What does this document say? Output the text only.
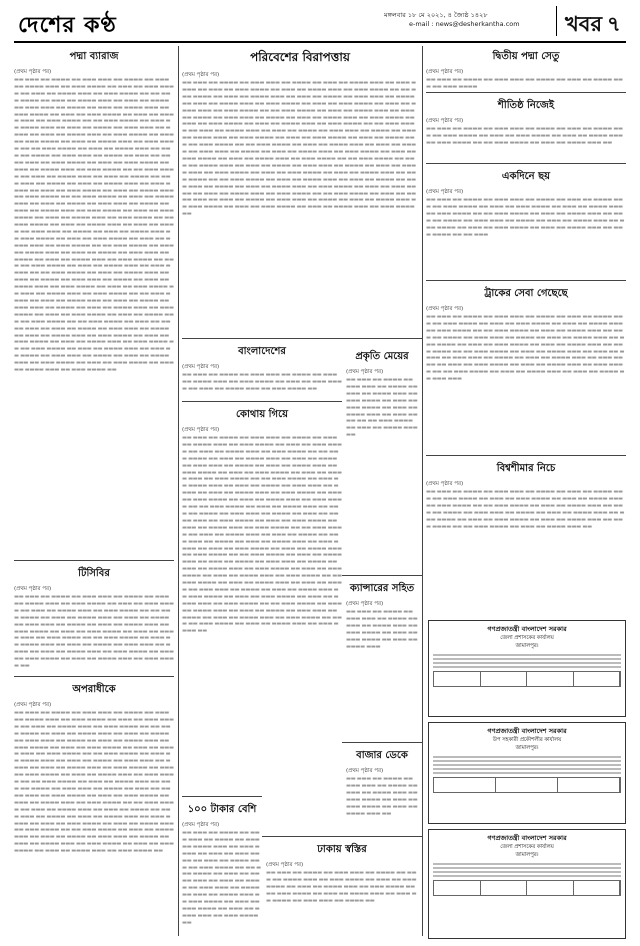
দেশের কণ্ঠ	মঙ্গলবার ১৮ মে ২০২১, ৪ জ্যৈষ্ঠ ১৪২৮
e-mail : news@desherkantha.com খবর ৭
পদ্মা ব্যারাজ
(প্রথম পৃষ্ঠার পর)
▬▬ ▬▬▬ ▬▬ ▬▬▬▬ ▬▬ ▬▬▬ ▬▬▬ ▬▬ ▬▬▬▬ ▬▬ ▬▬▬ ▬▬ ▬▬▬▬ ▬▬▬ ▬▬ ▬▬▬ ▬▬▬▬ ▬▬ ▬▬▬ ▬▬ ▬▬▬ ▬▬▬▬ ▬▬ ▬▬▬ ▬▬ ▬▬▬▬ ▬▬▬ ▬▬ ▬▬▬ ▬▬▬▬ ▬▬ ▬▬ ▬▬▬ ▬▬▬▬ ▬▬ ▬▬▬ ▬▬ ▬▬▬▬ ▬▬▬ ▬▬ ▬▬▬ ▬▬ ▬▬▬▬ ▬▬ ▬▬▬ ▬▬▬ ▬▬ ▬▬▬▬ ▬▬ ▬▬▬ ▬▬ ▬▬▬▬ ▬▬▬ ▬▬ ▬▬▬ ▬▬▬▬ ▬▬ ▬▬▬ ▬▬ ▬▬▬ ▬▬▬▬ ▬▬ ▬▬▬ ▬▬ ▬▬▬▬ ▬▬▬ ▬▬ ▬▬▬ ▬▬▬▬ ▬▬ ▬▬ ▬▬▬ ▬▬▬▬ ▬▬ ▬▬▬ ▬▬ ▬▬▬▬ ▬▬▬ ▬▬ ▬▬▬ ▬▬ ▬▬▬▬ ▬▬ ▬▬▬ ▬▬▬ ▬▬ ▬▬▬▬ ▬▬ ▬▬▬ ▬▬ ▬▬▬▬ ▬▬▬ ▬▬ ▬▬▬ ▬▬▬▬ ▬▬ ▬▬▬ ▬▬ ▬▬▬ ▬▬▬▬ ▬▬ ▬▬▬ ▬▬ ▬▬▬▬ ▬▬▬ ▬▬ ▬▬▬ ▬▬▬▬ ▬▬ ▬▬ ▬▬▬ ▬▬▬▬ ▬▬ ▬▬▬ ▬▬ ▬▬▬▬ ▬▬▬ ▬▬ ▬▬▬ ▬▬ ▬▬▬▬ ▬▬ ▬▬▬ ▬▬▬ ▬▬ ▬▬▬▬ ▬▬ ▬▬▬ ▬▬ ▬▬▬▬ ▬▬▬ ▬▬ ▬▬▬ ▬▬▬▬ ▬▬ ▬▬▬ ▬▬ ▬▬▬ ▬▬▬▬ ▬▬ ▬▬▬ ▬▬ ▬▬▬▬ ▬▬▬ ▬▬ ▬▬▬ ▬▬▬▬ ▬▬ ▬▬ ▬▬▬ ▬▬▬▬ ▬▬ ▬▬▬ ▬▬ ▬▬▬▬ ▬▬▬ ▬▬ ▬▬▬ ▬▬ ▬▬▬▬ ▬▬ ▬▬▬ ▬▬▬ ▬▬ ▬▬▬▬ ▬▬ ▬▬▬ ▬▬ ▬▬▬▬ ▬▬▬ ▬▬ ▬▬▬ ▬▬▬▬ ▬▬ ▬▬▬ ▬▬ ▬▬▬ ▬▬▬▬ ▬▬ ▬▬▬ ▬▬ ▬▬▬▬ ▬▬▬ ▬▬ ▬▬▬ ▬▬▬▬ ▬▬ ▬▬ ▬▬▬ ▬▬▬▬ ▬▬ ▬▬▬ ▬▬ ▬▬▬▬ ▬▬▬ ▬▬ ▬▬▬ ▬▬ ▬▬▬▬ ▬▬ ▬▬▬ ▬▬▬ ▬▬ ▬▬▬▬ ▬▬ ▬▬▬ ▬▬ ▬▬▬▬ ▬▬▬ ▬▬ ▬▬▬ ▬▬▬▬ ▬▬ ▬▬▬ ▬▬ ▬▬▬ ▬▬▬▬ ▬▬ ▬▬▬ ▬▬ ▬▬▬▬ ▬▬▬ ▬▬ ▬▬▬ ▬▬▬▬ ▬▬ ▬▬ ▬▬▬ ▬▬▬▬ ▬▬ ▬▬▬ ▬▬ ▬▬▬▬ ▬▬▬ ▬▬ ▬▬▬ ▬▬ ▬▬▬▬ ▬▬ ▬▬▬ ▬▬▬ ▬▬ ▬▬▬▬ ▬▬ ▬▬▬ ▬▬ ▬▬▬▬ ▬▬▬ ▬▬ ▬▬▬ ▬▬▬▬ ▬▬ ▬▬▬ ▬▬ ▬▬▬ ▬▬▬▬ ▬▬ ▬▬▬ ▬▬ ▬▬▬▬ ▬▬▬ ▬▬ ▬▬▬ ▬▬▬▬ ▬▬ ▬▬ ▬▬▬ ▬▬▬▬ ▬▬ ▬▬▬ ▬▬ ▬▬▬▬ ▬▬▬ ▬▬ ▬▬▬ ▬▬ ▬▬▬▬ ▬▬ ▬▬▬ ▬▬▬ ▬▬ ▬▬▬▬ ▬▬ ▬▬▬ ▬▬ ▬▬▬▬ ▬▬▬ ▬▬ ▬▬▬ ▬▬▬▬ ▬▬ ▬▬▬ ▬▬ ▬▬▬ ▬▬▬▬ ▬▬ ▬▬▬ ▬▬ ▬▬▬▬ ▬▬▬ ▬▬ ▬▬▬ ▬▬▬▬ ▬▬ ▬▬ ▬▬▬ ▬▬▬▬ ▬▬ ▬▬▬ ▬▬ ▬▬▬▬ ▬▬▬ ▬▬ ▬▬▬ ▬▬ ▬▬▬▬ ▬▬ ▬▬▬ ▬▬▬ ▬▬ ▬▬▬▬ ▬▬ ▬▬▬ ▬▬ ▬▬▬▬ ▬▬▬ ▬▬ ▬▬▬ ▬▬▬▬ ▬▬ ▬▬▬ ▬▬ ▬▬▬ ▬▬▬▬ ▬▬ ▬▬▬ ▬▬ ▬▬▬▬ ▬▬▬ ▬▬ ▬▬▬ ▬▬▬▬ ▬▬ ▬▬ ▬▬▬ ▬▬▬▬ ▬▬ ▬▬▬ ▬▬ ▬▬▬▬ ▬▬▬ ▬▬ ▬▬▬ ▬▬ ▬▬▬▬ ▬▬ ▬▬▬ ▬▬▬ ▬▬ ▬▬▬▬ ▬▬ ▬▬▬ ▬▬ ▬▬▬▬ ▬▬▬ ▬▬ ▬▬▬ ▬▬▬▬ ▬▬ ▬▬▬ ▬▬ ▬▬▬ ▬▬▬▬ ▬▬ ▬▬▬ ▬▬ ▬▬▬▬ ▬▬▬ ▬▬ ▬▬▬ ▬▬▬▬ ▬▬ ▬▬ ▬▬▬ ▬▬▬▬ ▬▬ ▬▬▬ ▬▬ ▬▬▬▬ ▬▬▬ ▬▬ ▬▬▬ ▬▬ ▬▬▬▬ ▬▬ ▬▬▬ ▬▬▬ ▬▬ ▬▬▬▬ ▬▬ ▬▬▬ ▬▬ ▬▬▬▬ ▬▬▬ ▬▬ ▬▬▬ ▬▬▬▬ ▬▬ ▬▬▬ ▬▬ ▬▬▬ ▬▬▬▬ ▬▬ ▬▬▬ ▬▬ ▬▬▬▬ ▬▬▬ ▬▬ ▬▬▬ ▬▬▬▬ ▬▬ ▬▬ ▬▬▬ ▬▬▬▬ ▬▬ ▬▬▬ ▬▬ ▬▬▬▬ ▬▬▬ ▬▬ ▬▬▬ ▬▬ ▬▬▬▬ ▬▬ ▬▬▬ ▬▬▬ ▬▬ ▬▬▬▬ ▬▬ ▬▬▬ ▬▬ ▬▬▬▬ ▬▬▬ ▬▬ ▬▬▬ ▬▬▬▬ ▬▬ ▬▬▬ ▬▬ ▬▬▬ ▬▬▬▬ ▬▬ ▬▬▬ ▬▬ ▬▬▬▬ ▬▬▬ ▬▬ ▬▬▬ ▬▬▬▬ ▬▬
টিসিবির
(প্রথম পৃষ্ঠার পর)
▬▬ ▬▬▬ ▬▬ ▬▬▬▬ ▬▬ ▬▬▬ ▬▬▬ ▬▬ ▬▬▬▬ ▬▬ ▬▬▬ ▬▬ ▬▬▬▬ ▬▬▬ ▬▬ ▬▬▬ ▬▬▬▬ ▬▬ ▬▬▬ ▬▬ ▬▬▬ ▬▬▬▬ ▬▬ ▬▬▬ ▬▬ ▬▬▬▬ ▬▬▬ ▬▬ ▬▬▬ ▬▬▬▬ ▬▬ ▬▬ ▬▬▬ ▬▬▬▬ ▬▬ ▬▬▬ ▬▬ ▬▬▬▬ ▬▬▬ ▬▬ ▬▬▬ ▬▬ ▬▬▬▬ ▬▬ ▬▬▬ ▬▬▬ ▬▬ ▬▬▬▬ ▬▬ ▬▬▬ ▬▬ ▬▬▬▬ ▬▬▬ ▬▬ ▬▬▬ ▬▬▬▬ ▬▬ ▬▬▬ ▬▬ ▬▬▬ ▬▬▬▬ ▬▬ ▬▬▬ ▬▬ ▬▬▬▬ ▬▬▬ ▬▬ ▬▬▬ ▬▬▬▬ ▬▬ ▬▬ ▬▬▬ ▬▬▬▬ ▬▬ ▬▬▬ ▬▬ ▬▬▬▬ ▬▬▬ ▬▬ ▬▬▬ ▬▬ ▬▬▬▬ ▬▬ ▬▬▬ ▬▬▬ ▬▬ ▬▬▬▬ ▬▬ ▬▬▬ ▬▬ ▬▬▬▬ ▬▬▬ ▬▬ ▬▬▬ ▬▬▬▬ ▬▬ ▬▬▬ ▬▬ ▬▬▬ ▬▬▬▬ ▬▬ ▬▬▬ ▬▬ ▬▬▬▬ ▬▬▬ ▬▬ ▬▬▬ ▬▬▬▬ ▬▬
অপরাধীকে
(প্রথম পৃষ্ঠার পর)
▬▬ ▬▬▬ ▬▬ ▬▬▬▬ ▬▬ ▬▬▬ ▬▬▬ ▬▬ ▬▬▬▬ ▬▬ ▬▬▬ ▬▬ ▬▬▬▬ ▬▬▬ ▬▬ ▬▬▬ ▬▬▬▬ ▬▬ ▬▬▬ ▬▬ ▬▬▬ ▬▬▬▬ ▬▬ ▬▬▬ ▬▬ ▬▬▬▬ ▬▬▬ ▬▬ ▬▬▬ ▬▬▬▬ ▬▬ ▬▬ ▬▬▬ ▬▬▬▬ ▬▬ ▬▬▬ ▬▬ ▬▬▬▬ ▬▬▬ ▬▬ ▬▬▬ ▬▬ ▬▬▬▬ ▬▬ ▬▬▬ ▬▬▬ ▬▬ ▬▬▬▬ ▬▬ ▬▬▬ ▬▬ ▬▬▬▬ ▬▬▬ ▬▬ ▬▬▬ ▬▬▬▬ ▬▬ ▬▬▬ ▬▬ ▬▬▬ ▬▬▬▬ ▬▬ ▬▬▬ ▬▬ ▬▬▬▬ ▬▬▬ ▬▬ ▬▬▬ ▬▬▬▬ ▬▬ ▬▬ ▬▬▬ ▬▬▬▬ ▬▬ ▬▬▬ ▬▬ ▬▬▬▬ ▬▬▬ ▬▬ ▬▬▬ ▬▬ ▬▬▬▬ ▬▬ ▬▬▬ ▬▬▬ ▬▬ ▬▬▬▬ ▬▬ ▬▬▬ ▬▬ ▬▬▬▬ ▬▬▬ ▬▬ ▬▬▬ ▬▬▬▬ ▬▬ ▬▬▬ ▬▬ ▬▬▬ ▬▬▬▬ ▬▬ ▬▬▬ ▬▬ ▬▬▬▬ ▬▬▬ ▬▬ ▬▬▬ ▬▬▬▬ ▬▬ ▬▬ ▬▬▬ ▬▬▬▬ ▬▬ ▬▬▬ ▬▬ ▬▬▬▬ ▬▬▬ ▬▬ ▬▬▬ ▬▬ ▬▬▬▬ ▬▬ ▬▬▬ ▬▬▬ ▬▬ ▬▬▬▬ ▬▬ ▬▬▬ ▬▬ ▬▬▬▬ ▬▬▬ ▬▬ ▬▬▬ ▬▬▬▬ ▬▬ ▬▬▬ ▬▬ ▬▬▬ ▬▬▬▬ ▬▬ ▬▬▬ ▬▬ ▬▬▬▬ ▬▬▬ ▬▬ ▬▬▬ ▬▬▬▬ ▬▬ ▬▬ ▬▬▬ ▬▬▬▬ ▬▬ ▬▬▬ ▬▬ ▬▬▬▬ ▬▬▬ ▬▬ ▬▬▬ ▬▬ ▬▬▬▬ ▬▬ ▬▬▬ ▬▬▬ ▬▬ ▬▬▬▬ ▬▬ ▬▬▬ ▬▬ ▬▬▬▬ ▬▬▬ ▬▬ ▬▬▬ ▬▬▬▬ ▬▬ ▬▬▬ ▬▬ ▬▬▬ ▬▬▬▬ ▬▬ ▬▬▬ ▬▬ ▬▬▬▬ ▬▬▬ ▬▬ ▬▬▬ ▬▬▬▬ ▬▬ ▬▬ ▬▬▬ ▬▬▬▬ ▬▬ ▬▬▬ ▬▬ ▬▬▬▬ ▬▬▬ ▬▬ ▬▬▬ ▬▬ ▬▬▬▬ ▬▬ ▬▬▬ ▬▬▬ ▬▬ ▬▬▬▬ ▬▬ ▬▬▬ ▬▬ ▬▬▬▬ ▬▬▬ ▬▬ ▬▬▬ ▬▬▬▬ ▬▬ ▬▬▬ ▬▬ ▬▬▬ ▬▬▬▬ ▬▬ ▬▬▬ ▬▬ ▬▬▬▬ ▬▬▬ ▬▬ ▬▬▬ ▬▬▬▬ ▬▬
পরিবেশের বিরাপত্তায়
(প্রথম পৃষ্ঠার পর)
▬▬ ▬▬▬ ▬▬ ▬▬▬▬ ▬▬ ▬▬▬ ▬▬▬ ▬▬ ▬▬▬▬ ▬▬ ▬▬▬ ▬▬ ▬▬▬▬ ▬▬▬ ▬▬ ▬▬▬ ▬▬▬▬ ▬▬ ▬▬▬ ▬▬ ▬▬▬ ▬▬▬▬ ▬▬ ▬▬▬ ▬▬ ▬▬▬▬ ▬▬▬ ▬▬ ▬▬▬ ▬▬▬▬ ▬▬ ▬▬ ▬▬▬ ▬▬▬▬ ▬▬ ▬▬▬ ▬▬ ▬▬▬▬ ▬▬▬ ▬▬ ▬▬▬ ▬▬ ▬▬▬▬ ▬▬ ▬▬▬ ▬▬▬ ▬▬ ▬▬▬▬ ▬▬ ▬▬▬ ▬▬ ▬▬▬▬ ▬▬▬ ▬▬ ▬▬▬ ▬▬▬▬ ▬▬ ▬▬▬ ▬▬ ▬▬▬ ▬▬▬▬ ▬▬ ▬▬▬ ▬▬ ▬▬▬▬ ▬▬▬ ▬▬ ▬▬▬ ▬▬▬▬ ▬▬ ▬▬ ▬▬▬ ▬▬▬▬ ▬▬ ▬▬▬ ▬▬ ▬▬▬▬ ▬▬▬ ▬▬ ▬▬▬ ▬▬ ▬▬▬▬ ▬▬ ▬▬▬ ▬▬▬ ▬▬ ▬▬▬▬ ▬▬ ▬▬▬ ▬▬ ▬▬▬▬ ▬▬▬ ▬▬ ▬▬▬ ▬▬▬▬ ▬▬ ▬▬▬ ▬▬ ▬▬▬ ▬▬▬▬ ▬▬ ▬▬▬ ▬▬ ▬▬▬▬ ▬▬▬ ▬▬ ▬▬▬ ▬▬▬▬ ▬▬ ▬▬ ▬▬▬ ▬▬▬▬ ▬▬ ▬▬▬ ▬▬ ▬▬▬▬ ▬▬▬ ▬▬ ▬▬▬ ▬▬ ▬▬▬▬ ▬▬ ▬▬▬ ▬▬▬ ▬▬ ▬▬▬▬ ▬▬ ▬▬▬ ▬▬ ▬▬▬▬ ▬▬▬ ▬▬ ▬▬▬ ▬▬▬▬ ▬▬ ▬▬▬ ▬▬ ▬▬▬ ▬▬▬▬ ▬▬ ▬▬▬ ▬▬ ▬▬▬▬ ▬▬▬ ▬▬ ▬▬▬ ▬▬▬▬ ▬▬ ▬▬ ▬▬▬ ▬▬▬▬ ▬▬ ▬▬▬ ▬▬ ▬▬▬▬ ▬▬▬ ▬▬ ▬▬▬ ▬▬ ▬▬▬▬ ▬▬ ▬▬▬ ▬▬▬ ▬▬ ▬▬▬▬ ▬▬ ▬▬▬ ▬▬ ▬▬▬▬ ▬▬▬ ▬▬ ▬▬▬ ▬▬▬▬ ▬▬ ▬▬▬ ▬▬ ▬▬▬ ▬▬▬▬ ▬▬ ▬▬▬ ▬▬ ▬▬▬▬ ▬▬▬ ▬▬ ▬▬▬ ▬▬▬▬ ▬▬ ▬▬ ▬▬▬ ▬▬▬▬ ▬▬ ▬▬▬ ▬▬ ▬▬▬▬ ▬▬▬ ▬▬ ▬▬▬ ▬▬ ▬▬▬▬ ▬▬ ▬▬▬ ▬▬▬ ▬▬ ▬▬▬▬ ▬▬ ▬▬▬ ▬▬ ▬▬▬▬ ▬▬▬ ▬▬ ▬▬▬ ▬▬▬▬ ▬▬ ▬▬▬ ▬▬ ▬▬▬ ▬▬▬▬ ▬▬ ▬▬▬ ▬▬ ▬▬▬▬ ▬▬▬ ▬▬ ▬▬▬ ▬▬▬▬ ▬▬ ▬▬ ▬▬▬ ▬▬▬▬ ▬▬ ▬▬▬ ▬▬ ▬▬▬▬ ▬▬▬ ▬▬ ▬▬▬ ▬▬ ▬▬▬▬ ▬▬ ▬▬▬ ▬▬▬ ▬▬ ▬▬▬▬ ▬▬ ▬▬▬ ▬▬ ▬▬▬▬ ▬▬▬ ▬▬ ▬▬▬ ▬▬▬▬ ▬▬ ▬▬▬ ▬▬ ▬▬▬ ▬▬▬▬ ▬▬ ▬▬▬ ▬▬ ▬▬▬▬ ▬▬▬ ▬▬ ▬▬▬ ▬▬▬▬ ▬▬ ▬▬ ▬▬▬ ▬▬▬▬ ▬▬ ▬▬▬ ▬▬ ▬▬▬▬ ▬▬▬ ▬▬ ▬▬▬ ▬▬ ▬▬▬▬ ▬▬ ▬▬▬ ▬▬▬ ▬▬ ▬▬▬▬ ▬▬ ▬▬▬ ▬▬ ▬▬▬▬ ▬▬▬ ▬▬ ▬▬▬ ▬▬▬▬ ▬▬ ▬▬▬ ▬▬ ▬▬▬ ▬▬▬▬ ▬▬ ▬▬▬ ▬▬ ▬▬▬▬ ▬▬▬ ▬▬ ▬▬▬ ▬▬▬▬ ▬▬
বাংলাদেশের
(প্রথম পৃষ্ঠার পর)
▬▬ ▬▬▬ ▬▬ ▬▬▬▬ ▬▬ ▬▬▬ ▬▬▬ ▬▬ ▬▬▬▬ ▬▬ ▬▬▬ ▬▬ ▬▬▬▬ ▬▬▬ ▬▬ ▬▬▬ ▬▬▬▬ ▬▬ ▬▬▬ ▬▬ ▬▬▬ ▬▬▬▬ ▬▬ ▬▬▬ ▬▬ ▬▬▬▬ ▬▬▬ ▬▬ ▬▬▬ ▬▬▬▬ ▬▬
কোথায় গিয়ে
(প্রথম পৃষ্ঠার পর)
▬▬ ▬▬▬ ▬▬ ▬▬▬▬ ▬▬ ▬▬▬ ▬▬▬ ▬▬ ▬▬▬▬ ▬▬ ▬▬▬ ▬▬ ▬▬▬▬ ▬▬▬ ▬▬ ▬▬▬ ▬▬▬▬ ▬▬ ▬▬▬ ▬▬ ▬▬▬ ▬▬▬▬ ▬▬ ▬▬▬ ▬▬ ▬▬▬▬ ▬▬▬ ▬▬ ▬▬▬ ▬▬▬▬ ▬▬ ▬▬ ▬▬▬ ▬▬▬▬ ▬▬ ▬▬▬ ▬▬ ▬▬▬▬ ▬▬▬ ▬▬ ▬▬▬ ▬▬ ▬▬▬▬ ▬▬ ▬▬▬ ▬▬▬ ▬▬ ▬▬▬▬ ▬▬ ▬▬▬ ▬▬ ▬▬▬▬ ▬▬▬ ▬▬ ▬▬▬ ▬▬▬▬ ▬▬ ▬▬▬ ▬▬ ▬▬▬ ▬▬▬▬ ▬▬ ▬▬▬ ▬▬ ▬▬▬▬ ▬▬▬ ▬▬ ▬▬▬ ▬▬▬▬ ▬▬ ▬▬ ▬▬▬ ▬▬▬▬ ▬▬ ▬▬▬ ▬▬ ▬▬▬▬ ▬▬▬ ▬▬ ▬▬▬ ▬▬ ▬▬▬▬ ▬▬ ▬▬▬ ▬▬▬ ▬▬ ▬▬▬▬ ▬▬ ▬▬▬ ▬▬ ▬▬▬▬ ▬▬▬ ▬▬ ▬▬▬ ▬▬▬▬ ▬▬ ▬▬▬ ▬▬ ▬▬▬ ▬▬▬▬ ▬▬ ▬▬▬ ▬▬ ▬▬▬▬ ▬▬▬ ▬▬ ▬▬▬ ▬▬▬▬ ▬▬ ▬▬ ▬▬▬ ▬▬▬▬ ▬▬ ▬▬▬ ▬▬ ▬▬▬▬ ▬▬▬ ▬▬ ▬▬▬ ▬▬ ▬▬▬▬ ▬▬ ▬▬▬ ▬▬▬ ▬▬ ▬▬▬▬ ▬▬ ▬▬▬ ▬▬ ▬▬▬▬ ▬▬▬ ▬▬ ▬▬▬ ▬▬▬▬ ▬▬ ▬▬▬ ▬▬ ▬▬▬ ▬▬▬▬ ▬▬ ▬▬▬ ▬▬ ▬▬▬▬ ▬▬▬ ▬▬ ▬▬▬ ▬▬▬▬ ▬▬ ▬▬ ▬▬▬ ▬▬▬▬ ▬▬ ▬▬▬ ▬▬ ▬▬▬▬ ▬▬▬ ▬▬ ▬▬▬ ▬▬ ▬▬▬▬ ▬▬ ▬▬▬ ▬▬▬ ▬▬ ▬▬▬▬ ▬▬ ▬▬▬ ▬▬ ▬▬▬▬ ▬▬▬ ▬▬ ▬▬▬ ▬▬▬▬ ▬▬ ▬▬▬ ▬▬ ▬▬▬ ▬▬▬▬ ▬▬ ▬▬▬ ▬▬ ▬▬▬▬ ▬▬▬ ▬▬ ▬▬▬ ▬▬▬▬ ▬▬ ▬▬ ▬▬▬ ▬▬▬▬ ▬▬ ▬▬▬ ▬▬ ▬▬▬▬ ▬▬▬ ▬▬ ▬▬▬ ▬▬ ▬▬▬▬ ▬▬ ▬▬▬ ▬▬▬ ▬▬ ▬▬▬▬ ▬▬ ▬▬▬ ▬▬ ▬▬▬▬ ▬▬▬ ▬▬ ▬▬▬ ▬▬▬▬ ▬▬ ▬▬▬ ▬▬ ▬▬▬ ▬▬▬▬ ▬▬ ▬▬▬ ▬▬ ▬▬▬▬ ▬▬▬ ▬▬ ▬▬▬ ▬▬▬▬ ▬▬ ▬▬ ▬▬▬ ▬▬▬▬ ▬▬ ▬▬▬ ▬▬ ▬▬▬▬ ▬▬▬ ▬▬ ▬▬▬ ▬▬ ▬▬▬▬ ▬▬ ▬▬▬ ▬▬▬ ▬▬ ▬▬▬▬ ▬▬ ▬▬▬ ▬▬ ▬▬▬▬ ▬▬▬ ▬▬ ▬▬▬ ▬▬▬▬ ▬▬ ▬▬▬ ▬▬ ▬▬▬ ▬▬▬▬ ▬▬ ▬▬▬ ▬▬ ▬▬▬▬ ▬▬▬ ▬▬ ▬▬▬ ▬▬▬▬ ▬▬ ▬▬ ▬▬▬ ▬▬▬▬ ▬▬ ▬▬▬ ▬▬ ▬▬▬▬ ▬▬▬ ▬▬ ▬▬▬ ▬▬ ▬▬▬▬ ▬▬ ▬▬▬ ▬▬▬ ▬▬ ▬▬▬▬ ▬▬ ▬▬▬ ▬▬ ▬▬▬▬ ▬▬▬ ▬▬ ▬▬▬ ▬▬▬▬ ▬▬ ▬▬▬ ▬▬ ▬▬▬ ▬▬▬▬ ▬▬ ▬▬▬ ▬▬ ▬▬▬▬ ▬▬▬ ▬▬ ▬▬▬ ▬▬▬▬ ▬▬
১০০ টাকার বেশি
(প্রথম পৃষ্ঠার পর)
▬▬ ▬▬▬ ▬▬ ▬▬▬▬ ▬▬ ▬▬▬ ▬▬▬ ▬▬ ▬▬▬▬ ▬▬ ▬▬▬ ▬▬ ▬▬▬▬ ▬▬▬ ▬▬ ▬▬▬ ▬▬▬▬ ▬▬ ▬▬▬ ▬▬ ▬▬▬ ▬▬▬▬ ▬▬ ▬▬▬ ▬▬ ▬▬▬▬ ▬▬▬ ▬▬ ▬▬▬ ▬▬▬▬ ▬▬ ▬▬ ▬▬▬ ▬▬▬▬ ▬▬ ▬▬▬ ▬▬ ▬▬▬▬ ▬▬▬ ▬▬ ▬▬▬ ▬▬ ▬▬▬▬ ▬▬ ▬▬▬ ▬▬▬ ▬▬ ▬▬▬▬ ▬▬ ▬▬▬ ▬▬ ▬▬▬▬ ▬▬▬ ▬▬ ▬▬▬ ▬▬▬▬ ▬▬ ▬▬▬ ▬▬ ▬▬▬ ▬▬▬▬ ▬▬ ▬▬▬ ▬▬ ▬▬▬▬ ▬▬▬ ▬▬ ▬▬▬ ▬▬▬▬ ▬▬
প্রকৃতি মেয়ের
(প্রথম পৃষ্ঠার পর)
▬▬ ▬▬▬ ▬▬ ▬▬▬▬ ▬▬ ▬▬▬ ▬▬▬ ▬▬ ▬▬▬▬ ▬▬ ▬▬▬ ▬▬ ▬▬▬▬ ▬▬▬ ▬▬ ▬▬▬ ▬▬▬▬ ▬▬ ▬▬▬ ▬▬ ▬▬▬ ▬▬▬▬ ▬▬ ▬▬▬ ▬▬ ▬▬▬▬ ▬▬▬ ▬▬ ▬▬▬ ▬▬▬▬ ▬▬ ▬▬ ▬▬▬ ▬▬▬▬ ▬▬ ▬▬▬ ▬▬ ▬▬▬▬ ▬▬▬ ▬▬
ক্যান্সারের সহিত
(প্রথম পৃষ্ঠার পর)
▬▬ ▬▬▬ ▬▬ ▬▬▬▬ ▬▬ ▬▬▬ ▬▬▬ ▬▬ ▬▬▬▬ ▬▬ ▬▬▬ ▬▬ ▬▬▬▬ ▬▬▬ ▬▬ ▬▬▬ ▬▬▬▬ ▬▬ ▬▬▬ ▬▬ ▬▬▬ ▬▬▬▬ ▬▬ ▬▬▬ ▬▬ ▬▬▬▬ ▬▬▬
বাজার ডেকে
(প্রথম পৃষ্ঠার পর)
▬▬ ▬▬▬ ▬▬ ▬▬▬▬ ▬▬ ▬▬▬ ▬▬▬ ▬▬ ▬▬▬▬ ▬▬ ▬▬▬ ▬▬ ▬▬▬▬ ▬▬▬ ▬▬ ▬▬▬ ▬▬▬▬ ▬▬ ▬▬▬ ▬▬ ▬▬▬ ▬▬▬▬ ▬▬ ▬▬▬ ▬▬ ▬▬▬▬ ▬▬▬ ▬▬
ঢাকায় স্বস্তির
(প্রথম পৃষ্ঠার পর)
▬▬ ▬▬▬ ▬▬ ▬▬▬▬ ▬▬ ▬▬▬ ▬▬▬ ▬▬ ▬▬▬▬ ▬▬ ▬▬▬ ▬▬ ▬▬▬▬ ▬▬▬ ▬▬ ▬▬▬ ▬▬▬▬ ▬▬ ▬▬▬ ▬▬ ▬▬▬ ▬▬▬▬ ▬▬ ▬▬▬ ▬▬ ▬▬▬▬ ▬▬▬ ▬▬ ▬▬▬ ▬▬▬▬ ▬▬ ▬▬ ▬▬▬ ▬▬▬▬ ▬▬ ▬▬▬ ▬▬ ▬▬▬▬ ▬▬▬ ▬▬ ▬▬▬ ▬▬ ▬▬▬▬ ▬▬ ▬▬▬ ▬▬▬ ▬▬ ▬▬▬▬ ▬▬
দ্বিতীয় পদ্মা সেতু
(প্রথম পৃষ্ঠার পর)
▬▬ ▬▬▬ ▬▬ ▬▬▬▬ ▬▬ ▬▬▬ ▬▬▬ ▬▬ ▬▬▬▬ ▬▬ ▬▬▬ ▬▬ ▬▬▬▬ ▬▬▬ ▬▬ ▬▬▬ ▬▬▬▬
শীতিষ্ঠ নিজেই
(প্রথম পৃষ্ঠার পর)
▬▬ ▬▬▬ ▬▬ ▬▬▬▬ ▬▬ ▬▬▬ ▬▬▬ ▬▬ ▬▬▬▬ ▬▬ ▬▬▬ ▬▬ ▬▬▬▬ ▬▬▬ ▬▬ ▬▬▬ ▬▬▬▬ ▬▬ ▬▬▬ ▬▬ ▬▬▬ ▬▬▬▬ ▬▬ ▬▬▬ ▬▬ ▬▬▬▬ ▬▬▬ ▬▬ ▬▬▬ ▬▬▬▬ ▬▬ ▬▬ ▬▬▬ ▬▬▬▬ ▬▬ ▬▬▬ ▬▬ ▬▬▬▬ ▬▬▬ ▬▬
একদিনে ছয়
(প্রথম পৃষ্ঠার পর)
▬▬ ▬▬▬ ▬▬ ▬▬▬▬ ▬▬ ▬▬▬ ▬▬▬ ▬▬ ▬▬▬▬ ▬▬ ▬▬▬ ▬▬ ▬▬▬▬ ▬▬▬ ▬▬ ▬▬▬ ▬▬▬▬ ▬▬ ▬▬▬ ▬▬ ▬▬▬ ▬▬▬▬ ▬▬ ▬▬▬ ▬▬ ▬▬▬▬ ▬▬▬ ▬▬ ▬▬▬ ▬▬▬▬ ▬▬ ▬▬ ▬▬▬ ▬▬▬▬ ▬▬ ▬▬▬ ▬▬ ▬▬▬▬ ▬▬▬ ▬▬ ▬▬▬ ▬▬ ▬▬▬▬ ▬▬ ▬▬▬ ▬▬▬ ▬▬ ▬▬▬▬ ▬▬ ▬▬▬ ▬▬ ▬▬▬▬ ▬▬▬ ▬▬ ▬▬▬ ▬▬▬▬ ▬▬ ▬▬▬ ▬▬ ▬▬▬ ▬▬▬▬ ▬▬ ▬▬▬ ▬▬ ▬▬▬▬ ▬▬▬ ▬▬ ▬▬▬ ▬▬▬▬ ▬▬ ▬▬ ▬▬▬
ট্রাকের সেবা গেছেছে
(প্রথম পৃষ্ঠার পর)
▬▬ ▬▬▬ ▬▬ ▬▬▬▬ ▬▬ ▬▬▬ ▬▬▬ ▬▬ ▬▬▬▬ ▬▬ ▬▬▬ ▬▬ ▬▬▬▬ ▬▬▬ ▬▬ ▬▬▬ ▬▬▬▬ ▬▬ ▬▬▬ ▬▬ ▬▬▬ ▬▬▬▬ ▬▬ ▬▬▬ ▬▬ ▬▬▬▬ ▬▬▬ ▬▬ ▬▬▬ ▬▬▬▬ ▬▬ ▬▬ ▬▬▬ ▬▬▬▬ ▬▬ ▬▬▬ ▬▬ ▬▬▬▬ ▬▬▬ ▬▬ ▬▬▬ ▬▬ ▬▬▬▬ ▬▬ ▬▬▬ ▬▬▬ ▬▬ ▬▬▬▬ ▬▬ ▬▬▬ ▬▬ ▬▬▬▬ ▬▬▬ ▬▬ ▬▬▬ ▬▬▬▬ ▬▬ ▬▬▬ ▬▬ ▬▬▬ ▬▬▬▬ ▬▬ ▬▬▬ ▬▬ ▬▬▬▬ ▬▬▬ ▬▬ ▬▬▬ ▬▬▬▬ ▬▬ ▬▬ ▬▬▬ ▬▬▬▬ ▬▬ ▬▬▬ ▬▬ ▬▬▬▬ ▬▬▬ ▬▬ ▬▬▬ ▬▬ ▬▬▬▬ ▬▬ ▬▬▬ ▬▬▬ ▬▬ ▬▬▬▬ ▬▬ ▬▬▬ ▬▬ ▬▬▬▬ ▬▬▬ ▬▬ ▬▬▬ ▬▬▬▬ ▬▬ ▬▬▬ ▬▬ ▬▬▬ ▬▬▬▬ ▬▬ ▬▬▬ ▬▬ ▬▬▬▬ ▬▬▬ ▬▬ ▬▬▬ ▬▬▬▬ ▬▬ ▬▬ ▬▬▬ ▬▬▬▬ ▬▬ ▬▬▬ ▬▬ ▬▬▬▬ ▬▬▬ ▬▬ ▬▬▬ ▬▬ ▬▬▬▬ ▬▬ ▬▬▬ ▬▬▬
বিশ্বশীমার নিচে
(প্রথম পৃষ্ঠার পর)
▬▬ ▬▬▬ ▬▬ ▬▬▬▬ ▬▬ ▬▬▬ ▬▬▬ ▬▬ ▬▬▬▬ ▬▬ ▬▬▬ ▬▬ ▬▬▬▬ ▬▬▬ ▬▬ ▬▬▬ ▬▬▬▬ ▬▬ ▬▬▬ ▬▬ ▬▬▬ ▬▬▬▬ ▬▬ ▬▬▬ ▬▬ ▬▬▬▬ ▬▬▬ ▬▬ ▬▬▬ ▬▬▬▬ ▬▬ ▬▬ ▬▬▬ ▬▬▬▬ ▬▬ ▬▬▬ ▬▬ ▬▬▬▬ ▬▬▬ ▬▬ ▬▬▬ ▬▬ ▬▬▬▬ ▬▬ ▬▬▬ ▬▬▬ ▬▬ ▬▬▬▬ ▬▬ ▬▬▬ ▬▬ ▬▬▬▬ ▬▬▬ ▬▬ ▬▬▬ ▬▬▬▬ ▬▬ ▬▬▬ ▬▬ ▬▬▬ ▬▬▬▬ ▬▬ ▬▬▬ ▬▬ ▬▬▬▬ ▬▬▬ ▬▬ ▬▬▬ ▬▬▬▬ ▬▬ ▬▬ ▬▬▬ ▬▬▬▬ ▬▬ ▬▬▬ ▬▬ ▬▬▬▬ ▬▬▬ ▬▬
গণপ্রজাতন্ত্রী বাংলাদেশ সরকার
জেলা প্রশাসকের কার্যালয়
জামালপুর।
গণপ্রজাতন্ত্রী বাংলাদেশ সরকার
উপ সহকারী প্রকৌশলীর কার্যালয়
জামালপুর।
গণপ্রজাতন্ত্রী বাংলাদেশ সরকার
জেলা প্রশাসকের কার্যালয়
জামালপুর।
